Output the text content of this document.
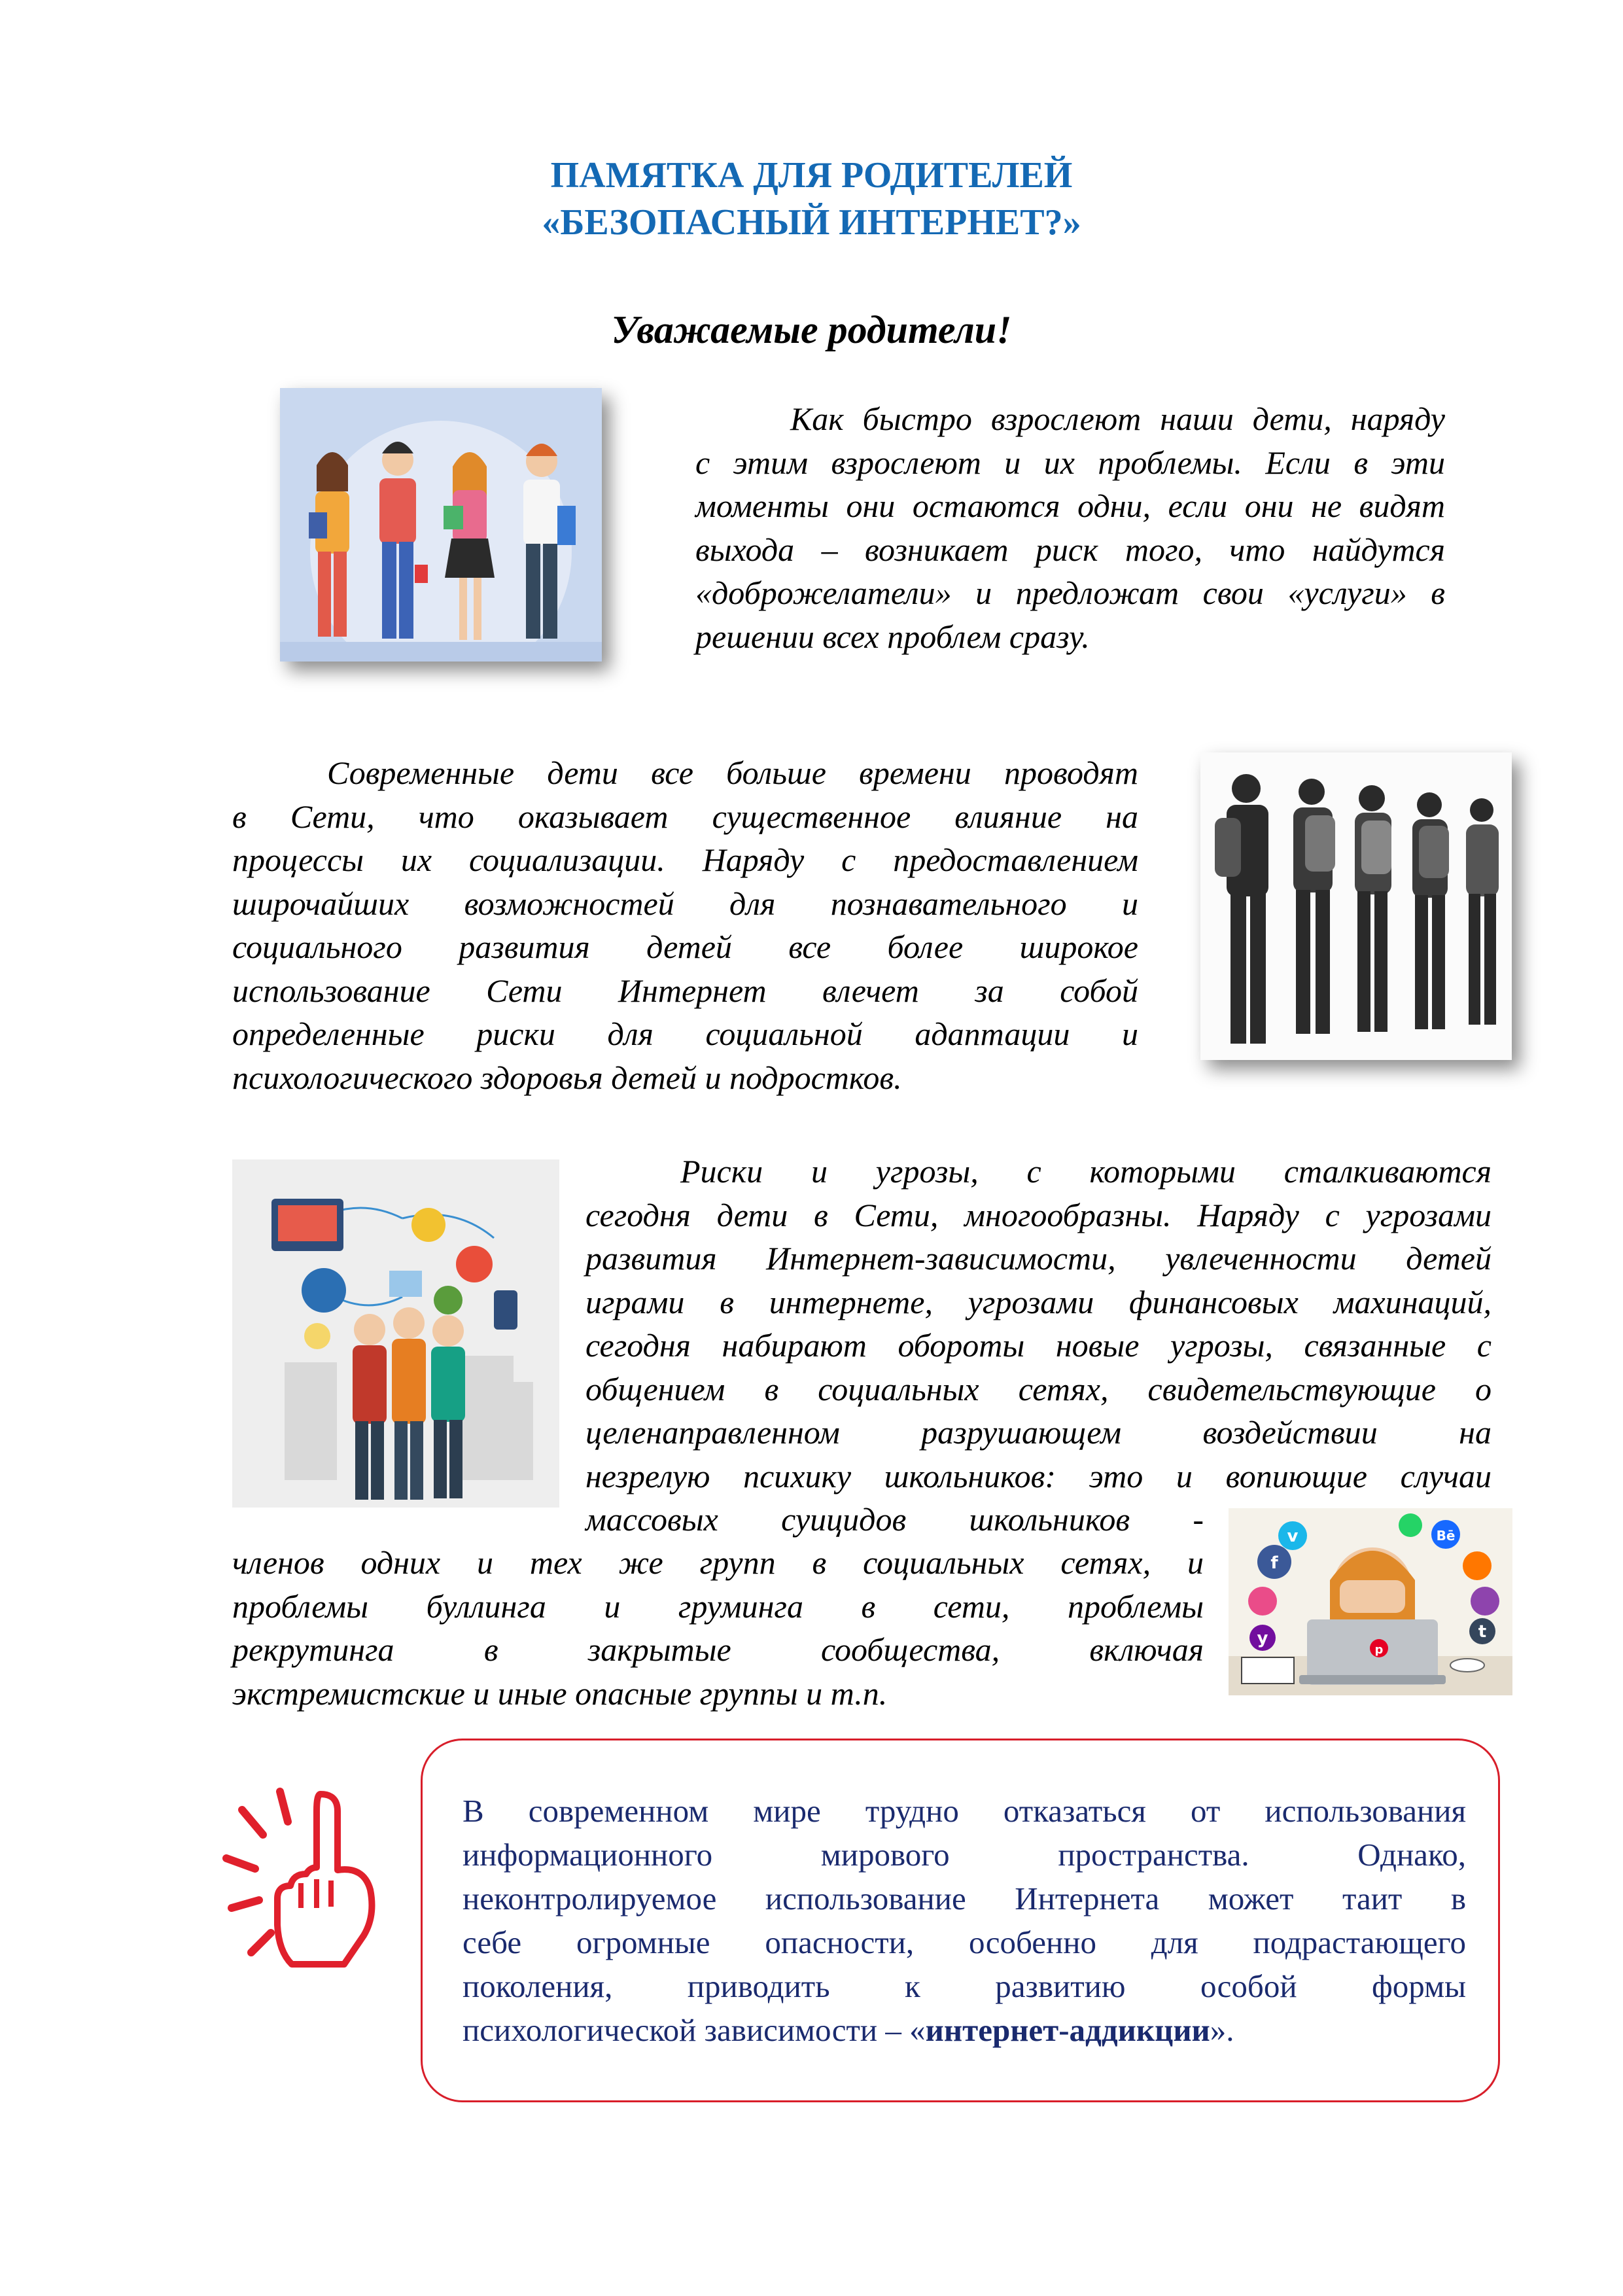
ПАМЯТКА ДЛЯ РОДИТЕЛЕЙ
«БЕЗОПАСНЫЙ ИНТЕРНЕТ?»
Уважаемые родители!
Как быстро взрослеют наши дети, наряду
с этим взрослеют и их проблемы. Если в эти
моменты они остаются одни, если они не видят
выхода – возникает риск того, что найдутся
«доброжелатели» и предложат свои «услуги» в
решении всех проблем сразу.
Современные дети все больше времени проводят
в Сети, что оказывает существенное влияние на
процессы их социализации. Наряду с предоставлением
широчайших возможностей для познавательного и
социального развития детей все более широкое
использование Сети Интернет влечет за собой
определенные риски для социальной адаптации и
психологического здоровья детей и подростков.
Риски и угрозы, с которыми сталкиваются
сегодня дети в Сети, многообразны. Наряду с угрозами
развития Интернет-зависимости, увлеченности детей
играми в интернете, угрозами финансовых махинаций,
сегодня набирают обороты новые угрозы, связанные с
общением в социальных сетях, свидетельствующие о
целенаправленном разрушающем воздействии на
незрелую психику школьников: это и вопиющие случаи
массовых суицидов школьников -
членов одних и тех же групп в социальных сетях, и
проблемы буллинга и груминга в сети, проблемы
рекрутинга в закрытые сообщества, включая
экстремистские и иные опасные группы и т.п.
f
v
y
Bē
t
p
В современном мире трудно отказаться от использования
информационного мирового пространства. Однако,
неконтролируемое использование Интернета может таит в
себе огромные опасности, особенно для подрастающего
поколения, приводить к развитию особой формы
психологической зависимости – «интернет-аддикции».
